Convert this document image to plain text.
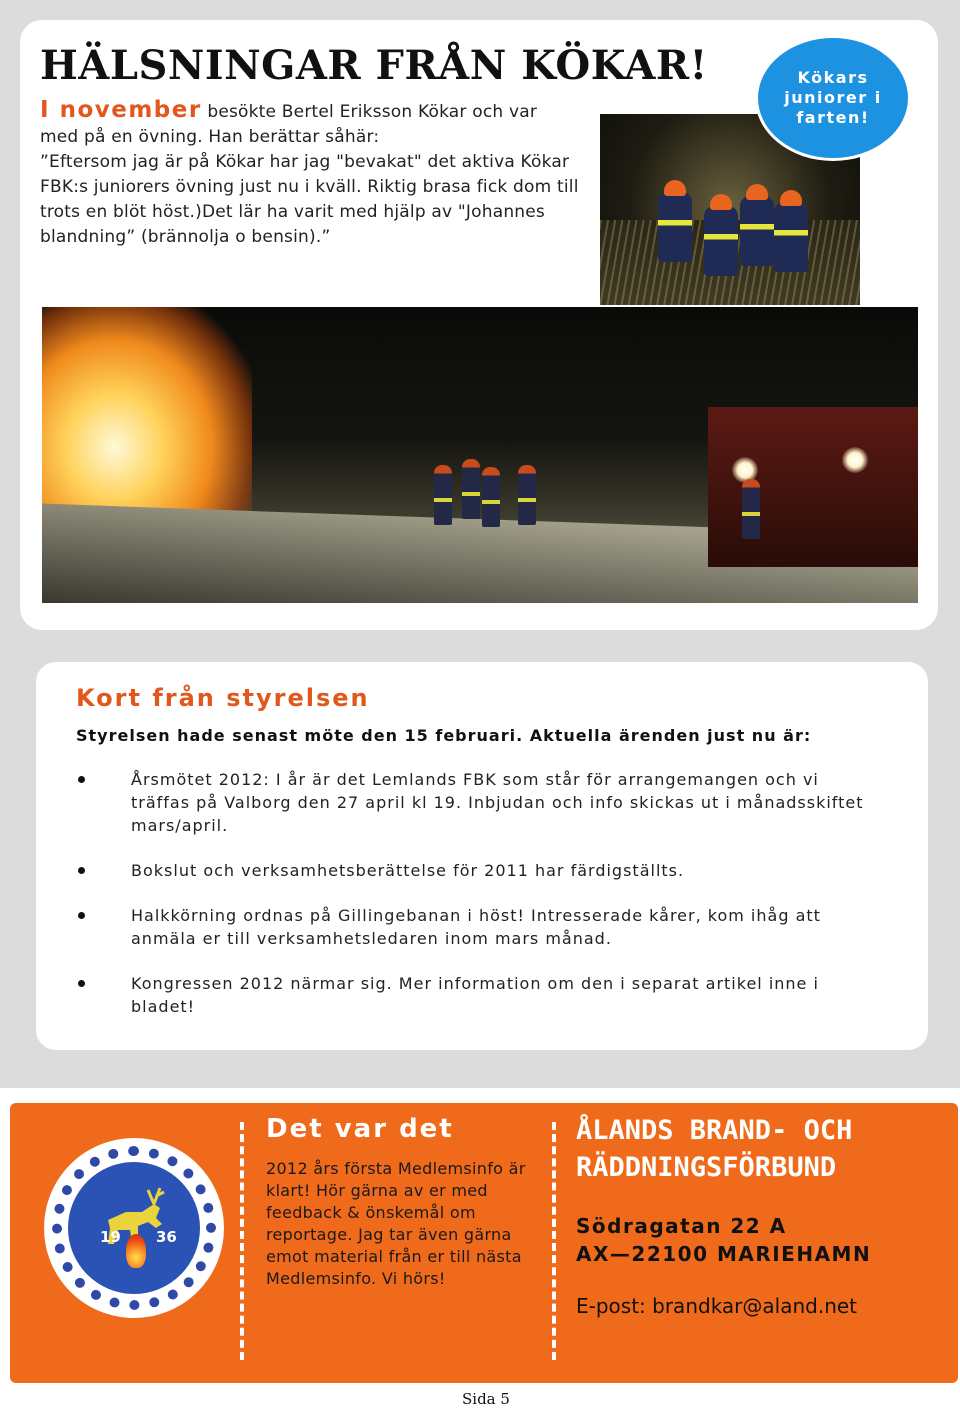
HÄLSNINGAR FRÅN KÖKAR!

I november besökte Bertel Eriksson Kökar och var med på en övning. Han berättar såhär:

”Eftersom jag är på Kökar har jag "bevakat" det aktiva Kökar FBK:s juniorers övning just nu i kväll. Riktig brasa fick dom till trots en blöt höst.)Det lär ha varit med hjälp av "Johannes blandning” (brännolja o bensin).”

Kökars juniorer i farten!
Kort från styrelsen

Styrelsen hade senast möte den 15 februari. Aktuella ärenden just nu är:

Årsmötet 2012: I år är det Lemlands FBK som står för arrangemangen och vi träffas på Valborg den 27 april kl 19. Inbjudan och info skickas ut i månadsskiftet mars/april.
Bokslut och verksamhetsberättelse för 2011 har färdigställts.
Halkkörning ordnas på Gillingebanan i höst! Intresserade kårer, kom ihåg att anmäla er till verksamhetsledaren inom mars månad.
Kongressen 2012 närmar sig. Mer information om den i separat artikel inne i bladet!
19 36
Det var det

2012 års första Medlemsinfo är klart! Hör gärna av er med feedback & önskemål om reportage. Jag tar även gärna emot material från er till nästa Medlemsinfo. Vi hörs!

ÅLANDS BRAND- OCH RÄDDNINGSFÖRBUND

Södragatan 22 A

AX—22100 MARIEHAMN

E-post: brandkar@aland.net

Sida 5
